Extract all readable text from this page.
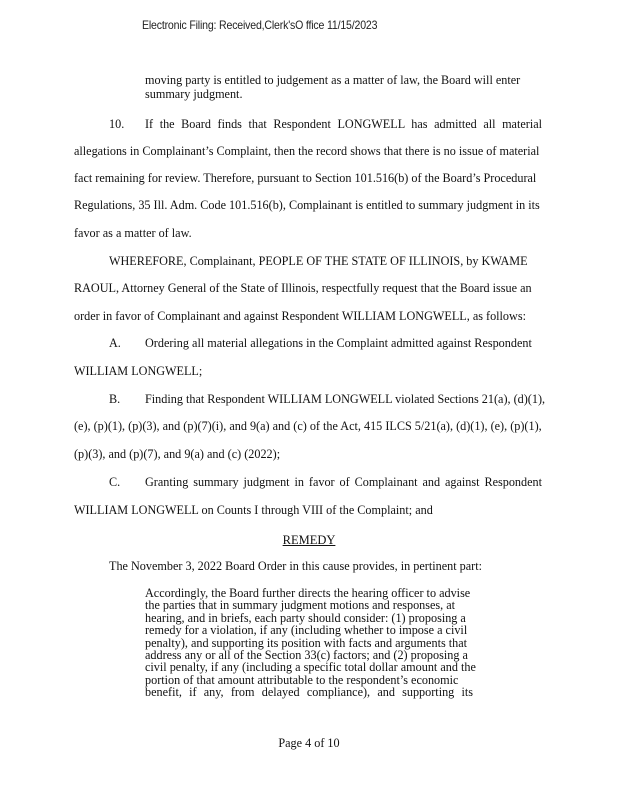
Electronic Filing: Received,Clerk'sO ffice 11/15/2023
moving party is entitled to judgement as a matter of law, the Board will enter
summary judgment.
10. If the Board finds that Respondent LONGWELL has admitted all material
allegations in Complainant’s Complaint, then the record shows that there is no issue of material
fact remaining for review. Therefore, pursuant to Section 101.516(b) of the Board’s Procedural
Regulations, 35 Ill. Adm. Code 101.516(b), Complainant is entitled to summary judgment in its
favor as a matter of law.
WHEREFORE, Complainant, PEOPLE OF THE STATE OF ILLINOIS, by KWAME
RAOUL, Attorney General of the State of Illinois, respectfully request that the Board issue an
order in favor of Complainant and against Respondent WILLIAM LONGWELL, as follows:
A. Ordering all material allegations in the Complaint admitted against Respondent
WILLIAM LONGWELL;
B. Finding that Respondent WILLIAM LONGWELL violated Sections 21(a), (d)(1),
(e), (p)(1), (p)(3), and (p)(7)(i), and 9(a) and (c) of the Act, 415 ILCS 5/21(a), (d)(1), (e), (p)(1),
(p)(3), and (p)(7), and 9(a) and (c) (2022);
C. Granting summary judgment in favor of Complainant and against Respondent
WILLIAM LONGWELL on Counts I through VIII of the Complaint; and
REMEDY
The November 3, 2022 Board Order in this cause provides, in pertinent part:
Accordingly, the Board further directs the hearing officer to advise
the parties that in summary judgment motions and responses, at
hearing, and in briefs, each party should consider: (1) proposing a
remedy for a violation, if any (including whether to impose a civil
penalty), and supporting its position with facts and arguments that
address any or all of the Section 33(c) factors; and (2) proposing a
civil penalty, if any (including a specific total dollar amount and the
portion of that amount attributable to the respondent’s economic
benefit, if any, from delayed compliance), and supporting its
Page 4 of 10
